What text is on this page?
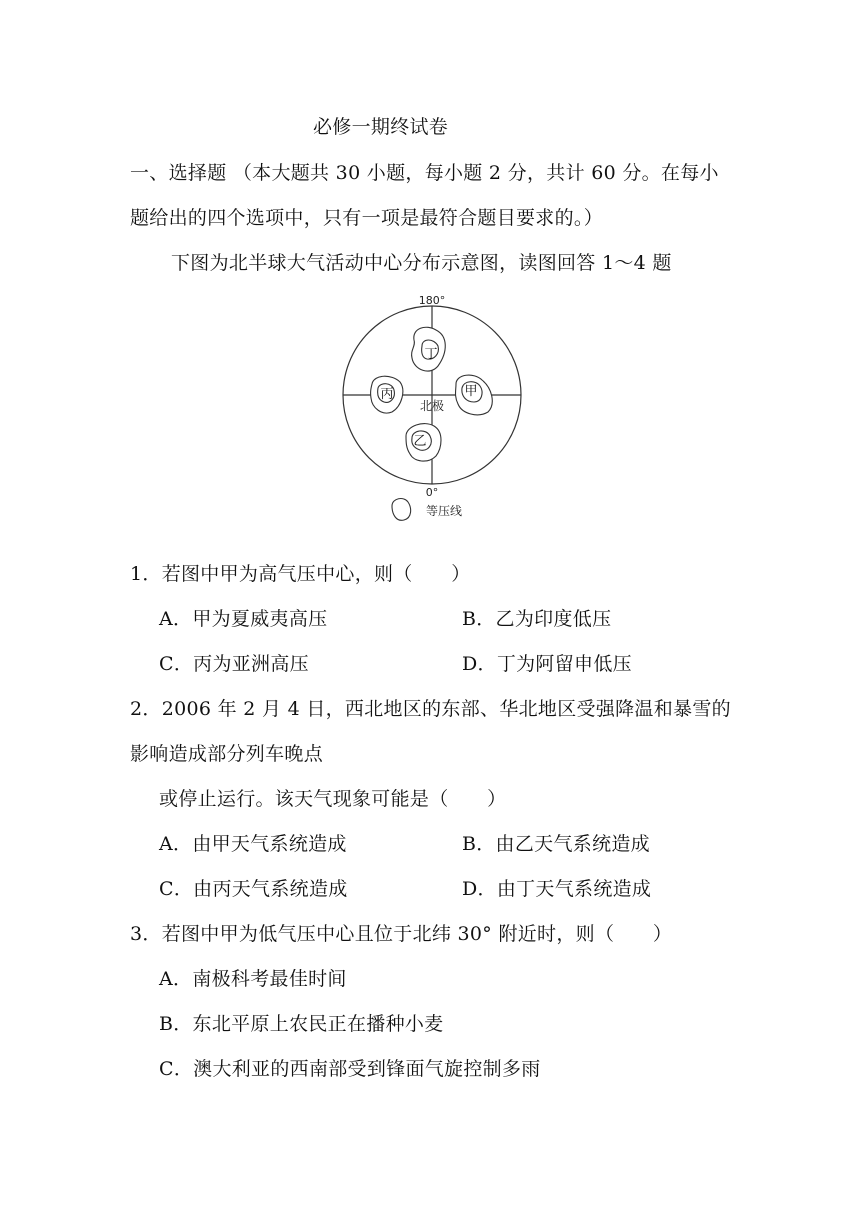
必修一期终试卷
一、选择题 （本大题共 30 小题，每小题 2 分，共计 60 分。在每小
题给出的四个选项中，只有一项是最符合题目要求的。）
下图为北半球大气活动中心分布示意图，读图回答 1～4 题
180°
丁
丙	甲
北极
乙
0°
等压线
1．若图中甲为高气压中心，则（　　）
A．甲为夏威夷高压	B．乙为印度低压
C．丙为亚洲高压	D．丁为阿留申低压
2．2006 年 2 月 4 日，西北地区的东部、华北地区受强降温和暴雪的
影响造成部分列车晚点
或停止运行。该天气现象可能是（　　）
A．由甲天气系统造成	B．由乙天气系统造成
C．由丙天气系统造成	D．由丁天气系统造成
3．若图中甲为低气压中心且位于北纬 30° 附近时，则（　　）
A．南极科考最佳时间
B．东北平原上农民正在播种小麦
C．澳大利亚的西南部受到锋面气旋控制多雨
